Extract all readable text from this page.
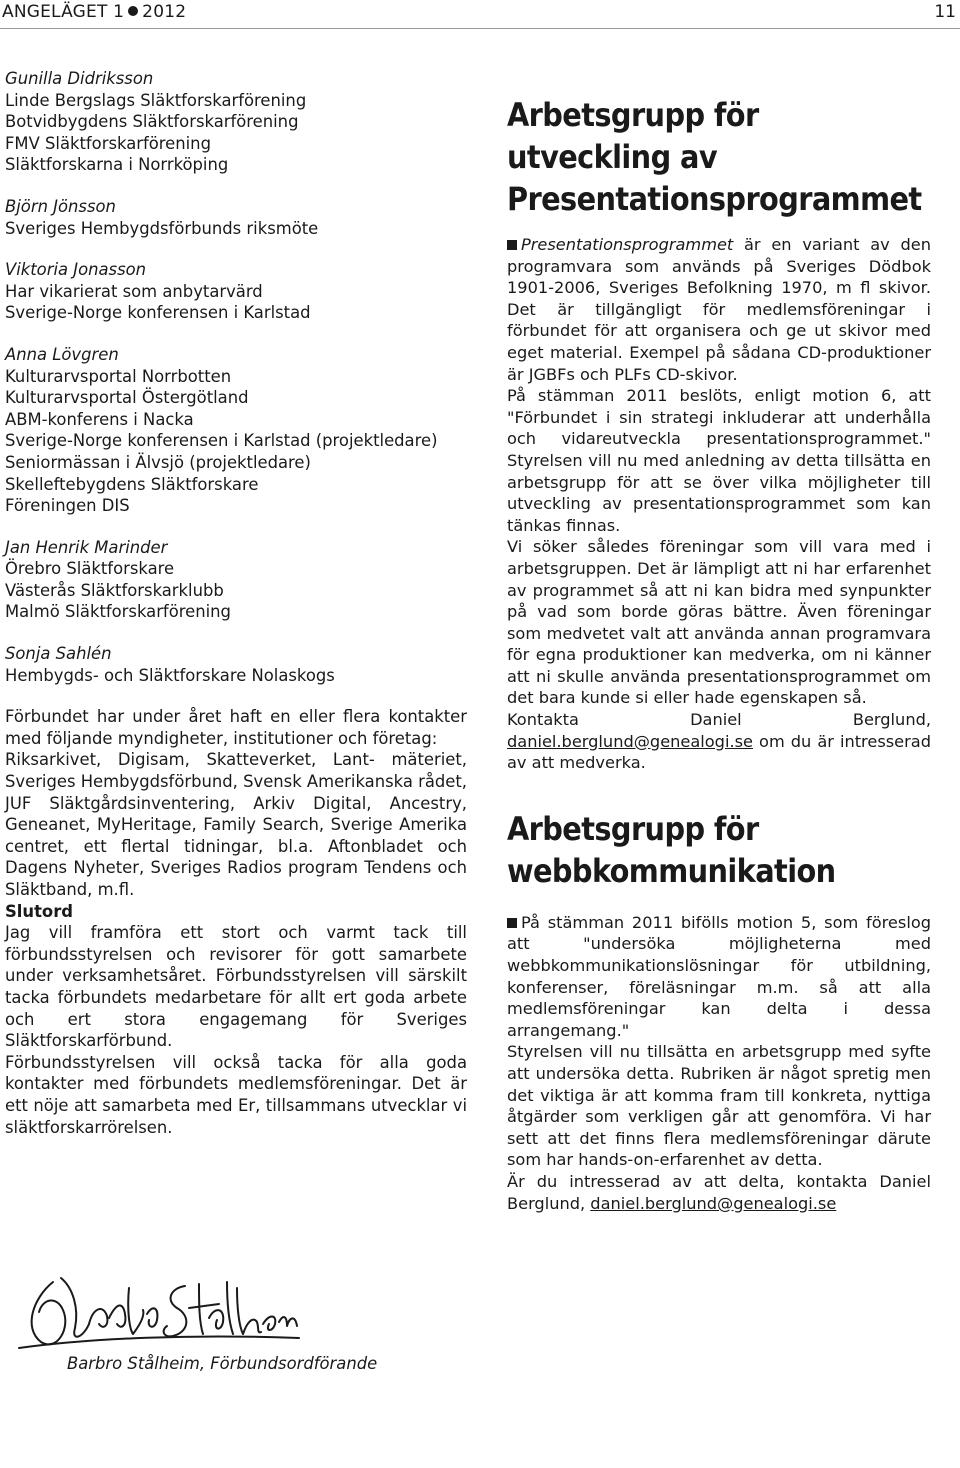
ANGELÄGET 1 2012	11

Gunilla Didriksson

Linde Bergslags Släktforskarförening

Botvidbygdens Släktforskarförening

FMV Släktforskarförening

Släktforskarna i Norrköping

Björn Jönsson

Sveriges Hembygdsförbunds riksmöte

Viktoria Jonasson

Har vikarierat som anbytarvärd

Sverige-Norge konferensen i Karlstad

Anna Lövgren

Kulturarvsportal Norrbotten

Kulturarvsportal Östergötland

ABM-konferens i Nacka

Sverige-Norge konferensen i Karlstad (projektledare)

Seniormässan i Älvsjö (projektledare)

Skelleftebygdens Släktforskare

Föreningen DIS

Jan Henrik Marinder

Örebro Släktforskare

Västerås Släktforskarklubb

Malmö Släktforskarförening

Sonja Sahlén

Hembygds- och Släktforskare Nolaskogs

Förbundet har under året haft en eller flera kontakter med följande myndigheter, institutioner och företag:

Riksarkivet, Digisam, Skatteverket, Lant- mäteriet, Sveriges Hembygdsförbund, Svensk Amerikanska rådet, JUF Släktgårdsinventering, Arkiv Digital, Ancestry, Geneanet, MyHeritage, Family Search, Sverige Amerika centret, ett flertal tidningar, bl.a. Aftonbladet och Dagens Nyheter, Sveriges Radios program Tendens och Släktband, m.fl.

Slutord

Jag vill framföra ett stort och varmt tack till förbundsstyrelsen och revisorer för gott samarbete under verksamhetsåret. Förbundsstyrelsen vill särskilt tacka förbundets medarbetare för allt ert goda arbete och ert stora engagemang för Sveriges Släktforskarförbund.

Förbundsstyrelsen vill också tacka för alla goda kontakter med förbundets medlemsföreningar. Det är ett nöje att samarbeta med Er, tillsammans utvecklar vi släktforskarrörelsen.

Barbro Stålheim, Förbundsordförande
Arbetsgrupp för utveckling av Presentationsprogrammet

Presentationsprogrammet är en variant av den programvara som används på Sveriges Dödbok 1901-2006, Sveriges Befolkning 1970, m fl skivor. Det är tillgängligt för medlemsföreningar i förbundet för att organisera och ge ut skivor med eget material. Exempel på sådana CD-produktioner är JGBFs och PLFs CD-skivor.

På stämman 2011 beslöts, enligt motion 6, att "Förbundet i sin strategi inkluderar att underhålla och vidareutveckla presentationsprogrammet." Styrelsen vill nu med anledning av detta tillsätta en arbetsgrupp för att se över vilka möjligheter till utveckling av presentationsprogrammet som kan tänkas finnas.

Vi söker således föreningar som vill vara med i arbetsgruppen. Det är lämpligt att ni har erfarenhet av programmet så att ni kan bidra med synpunkter på vad som borde göras bättre. Även föreningar som medvetet valt att använda annan programvara för egna produktioner kan medverka, om ni känner att ni skulle använda presentationsprogrammet om det bara kunde si eller hade egenskapen så.

Kontakta Daniel Berglund, daniel.berglund@genealogi.se om du är intresserad av att medverka.

Arbetsgrupp för webbkommunikation

På stämman 2011 bifölls motion 5, som föreslog att "undersöka möjligheterna med webbkommunikationslösningar för utbildning, konferenser, föreläsningar m.m. så att alla medlemsföreningar kan delta i dessa arrangemang."

Styrelsen vill nu tillsätta en arbetsgrupp med syfte att undersöka detta. Rubriken är något spretig men det viktiga är att komma fram till konkreta, nyttiga åtgärder som verkligen går att genomföra. Vi har sett att det finns flera medlemsföreningar därute som har hands-on-erfarenhet av detta.

Är du intresserad av att delta, kontakta Daniel Berglund, daniel.berglund@genealogi.se
